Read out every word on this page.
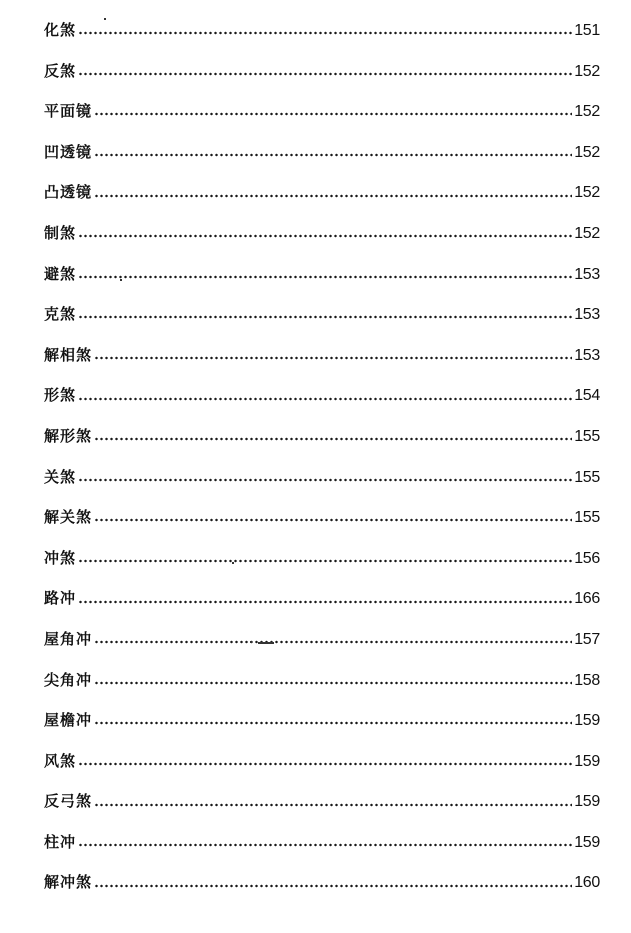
化煞	151
反煞	152
平面镜	152
凹透镜	152
凸透镜	152
制煞	152
避煞	153
克煞	153
解相煞	153
形煞	154
解形煞	155
关煞	155
解关煞	155
冲煞	156
路冲	166
屋角冲	157
尖角冲	158
屋檐冲	159
风煞	159
反弓煞	159
柱冲	159
解冲煞	160
